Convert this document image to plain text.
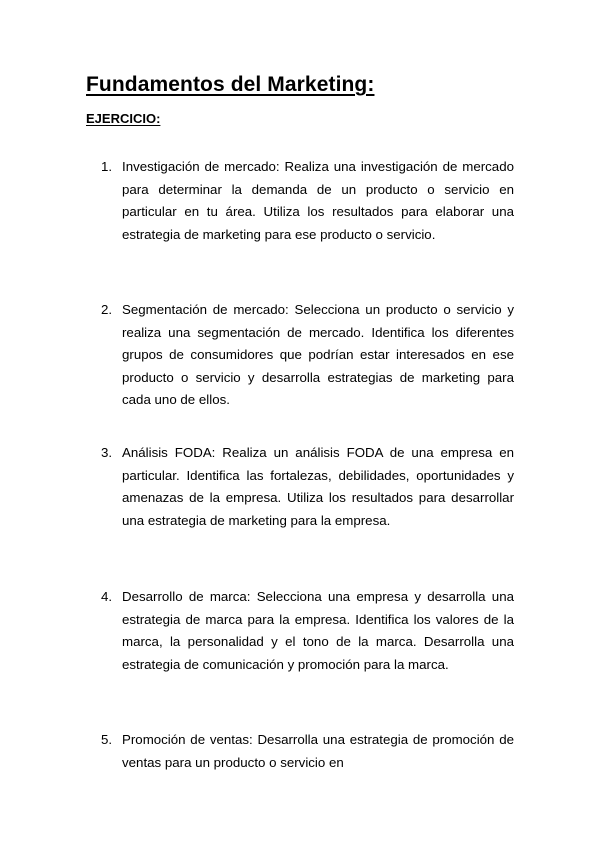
Fundamentos del Marketing:
EJERCICIO:
1. Investigación de mercado: Realiza una investigación de mercado para determinar la demanda de un producto o servicio en particular en tu área. Utiliza los resultados para elaborar una estrategia de marketing para ese producto o servicio.
2. Segmentación de mercado: Selecciona un producto o servicio y realiza una segmentación de mercado. Identifica los diferentes grupos de consumidores que podrían estar interesados en ese producto o servicio y desarrolla estrategias de marketing para cada uno de ellos.
3. Análisis FODA: Realiza un análisis FODA de una empresa en particular. Identifica las fortalezas, debilidades, oportunidades y amenazas de la empresa. Utiliza los resultados para desarrollar una estrategia de marketing para la empresa.
4. Desarrollo de marca: Selecciona una empresa y desarrolla una estrategia de marca para la empresa. Identifica los valores de la marca, la personalidad y el tono de la marca. Desarrolla una estrategia de comunicación y promoción para la marca.
5. Promoción de ventas: Desarrolla una estrategia de promoción de ventas para un producto o servicio en
